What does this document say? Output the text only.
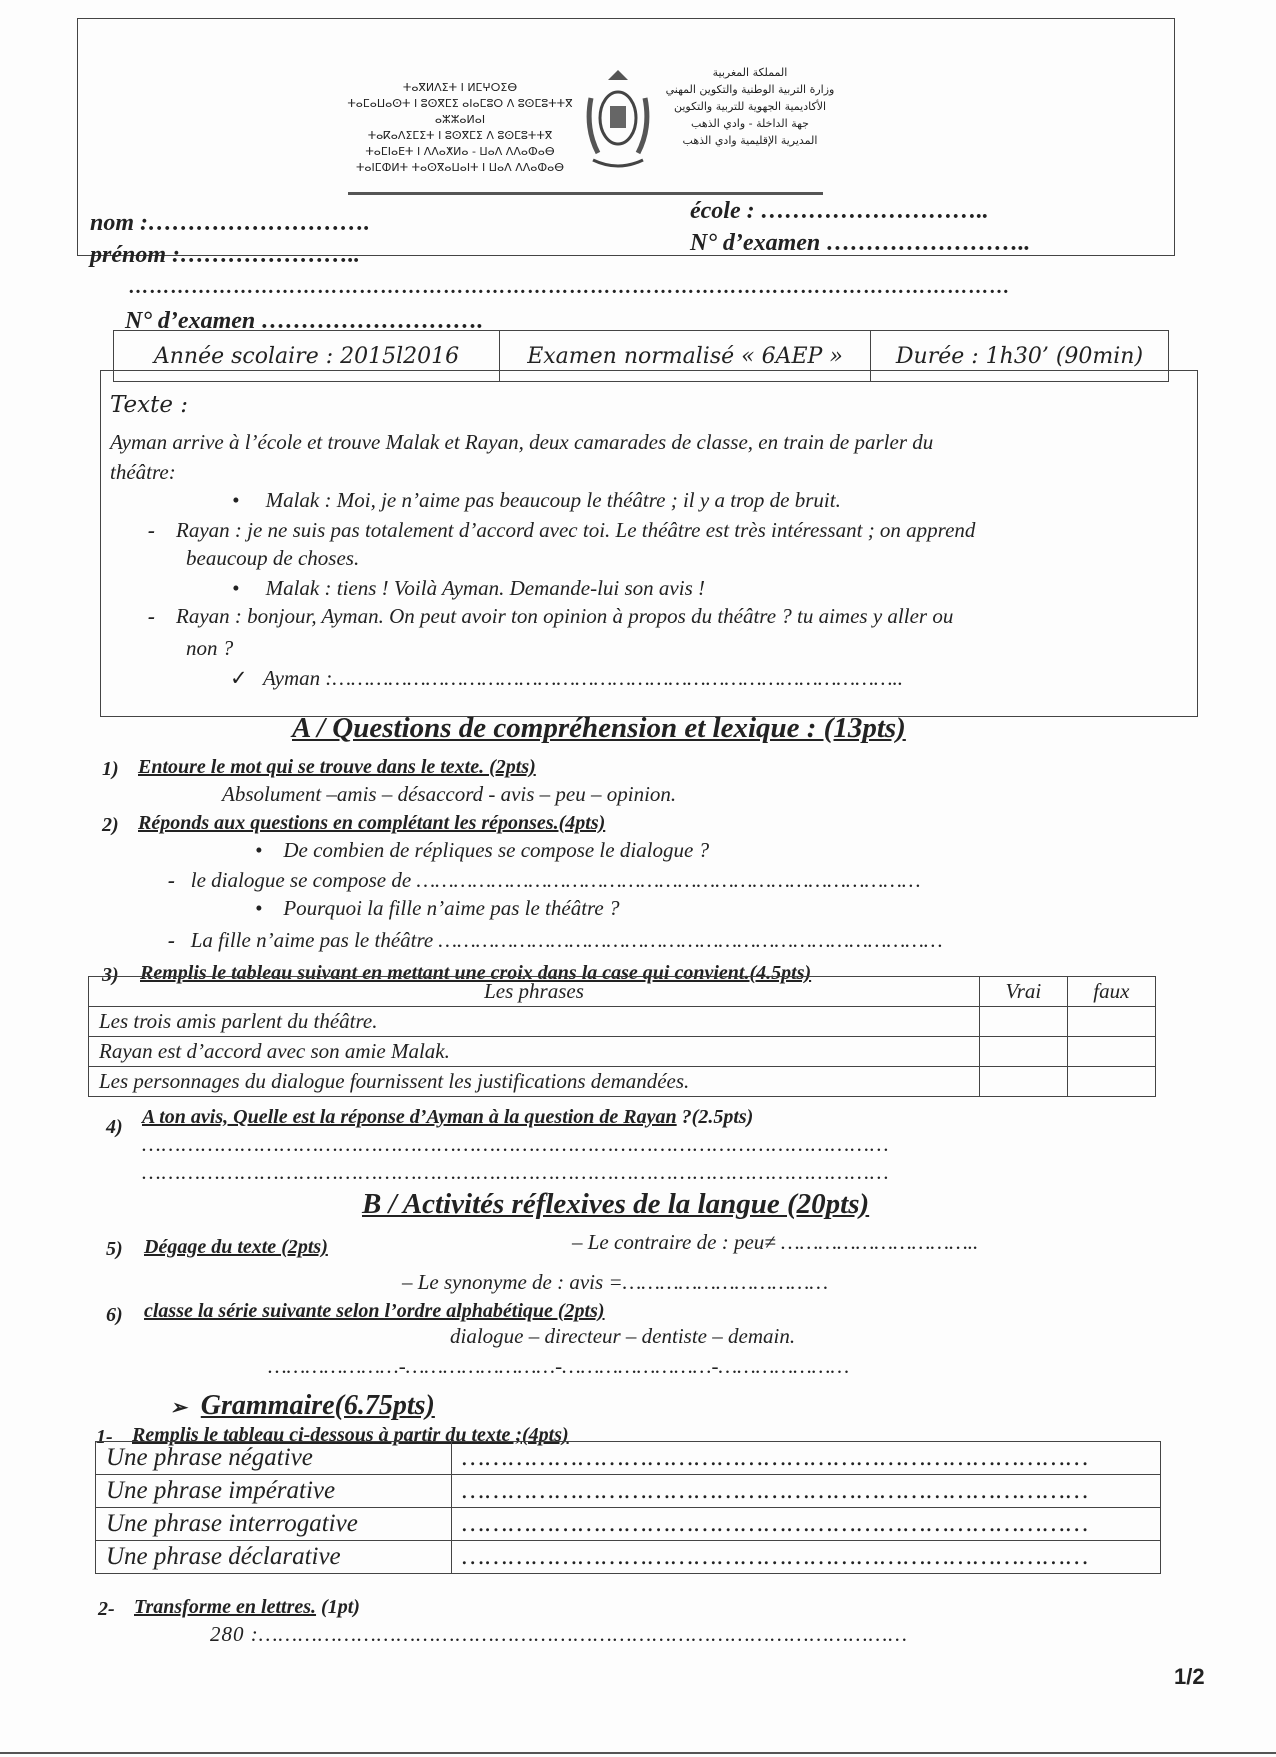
ⵜⴰⴳⵍⴷⵉⵜ ⵏ ⵍⵎⵖⵔⵉⴱ
ⵜⴰⵎⴰⵡⴰⵙⵜ ⵏ ⵓⵙⴳⵎⵉ ⴰⵏⴰⵎⵓⵔ ⴷ ⵓⵙⵎⵓⵜⵜⴳ ⴰⵣⵣⴰⵍⴰⵏ
ⵜⴰⴽⴰⴷⵉⵎⵉⵜ ⵏ ⵓⵙⴳⵎⵉ ⴷ ⵓⵙⵎⵓⵜⵜⴳ
ⵜⴰⵎⵏⴰⴹⵜ ⵏ ⴷⴷⴰⵅⵍⴰ - ⵡⴰⴷ ⴷⴷⴰⵀⴰⴱ
ⵜⴰⵏⵎⵀⵍⵜ ⵜⴰⵙⴳⴰⵡⴰⵏⵜ ⵏ ⵡⴰⴷ ⴷⴷⴰⵀⴰⴱ
المملكة المغربية
وزارة التربية الوطنية والتكوين المهني
الأكاديمية الجهوية للتربية والتكوين
جهة الداخلة - وادي الذهب
المديرية الإقليمية وادي الذهب
nom :……………………….
prénom :…………………..
école : ………………………..
N° d’examen ……………………..
………………………………………………………………………………………………………………
N° d’examen ……………………….
Année scolaire : 2015l2016	Examen normalisé « 6AEP »	Durée : 1h30’ (90min)
Texte :
Ayman arrive à l’école et trouve Malak et Rayan, deux camarades de classe, en train de parler du
théâtre:
•     Malak : Moi, je n’aime pas beaucoup le théâtre ; il y a trop de bruit.
- Rayan : je ne suis pas totalement d’accord avec toi. Le théâtre est très intéressant ; on apprend
beaucoup de choses.
•     Malak : tiens ! Voilà Ayman. Demande-lui son avis !
- Rayan : bonjour, Ayman. On peut avoir ton opinion à propos du théâtre ? tu aimes y aller ou
non ?
✓ Ayman :………………………………………………………………………………..
A / Questions de compréhension et lexique : (13pts)
1) Entoure le mot qui se trouve dans le texte. (2pts)
Absolument –amis – désaccord - avis – peu – opinion.
2) Réponds aux questions en complétant les réponses.(4pts)
•    De combien de répliques se compose le dialogue ?
- le dialogue se compose de ………………………………………………………………………
•    Pourquoi la fille n’aime pas le théâtre ?
- La fille n’aime pas le théâtre ………………………………………………………………………
3) Remplis le tableau suivant en mettant une croix dans la case qui convient.(4.5pts)
Les phrases	Vrai	faux
Les trois amis parlent du théâtre.		
Rayan est d’accord avec son amie Malak.		
Les personnages du dialogue fournissent les justifications demandées.		
4) A ton avis, Quelle est la réponse d’Ayman à la question de Rayan ?(2.5pts)
……………………………………………………………………………………………………
……………………………………………………………………………………………………
B / Activités réflexives de la langue (20pts)
5) Dégage du texte (2pts)	– Le contraire de : peu≠ …………………………..
– Le synonyme de : avis =……………………………
6) classe la série suivante selon l’ordre alphabétique (2pts)
dialogue – directeur – dentiste – demain.
…………………-……………………-……………………-…………………
➢ Grammaire(6.75pts)
1- Remplis le tableau ci-dessous à partir du texte ;(4pts)
Une phrase négative	………………………………………………………………………
Une phrase impérative	………………………………………………………………………
Une phrase interrogative	………………………………………………………………………
Une phrase déclarative	………………………………………………………………………
2- Transforme en lettres. (1pt)
280 :………………………………………………………………………………………
1/2
